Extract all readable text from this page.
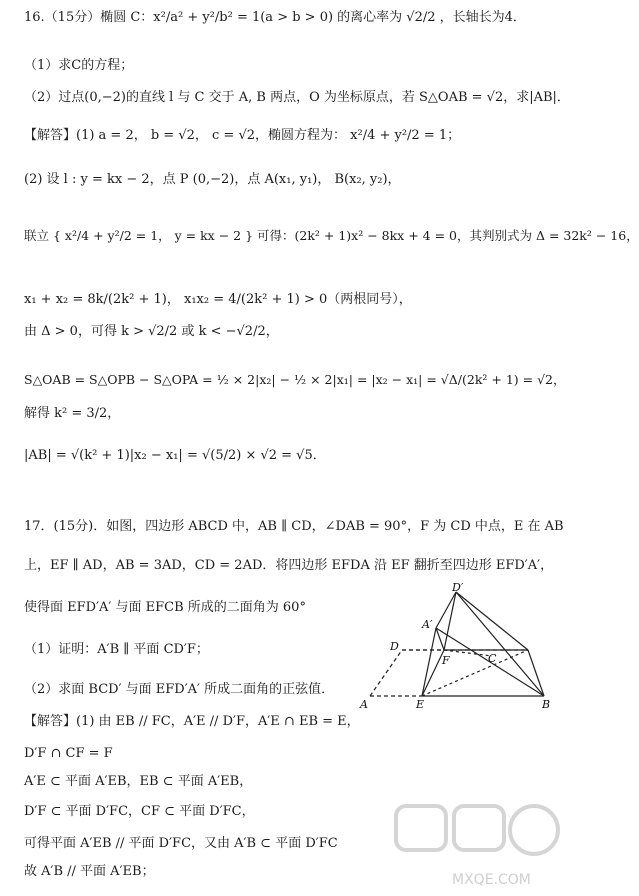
16.（15分）椭圆 C：x²/a² + y²/b² = 1(a > b > 0) 的离心率为 √2/2 ，长轴长为4．
（1）求C的方程；
（2）过点(0,−2)的直线 l 与 C 交于 A, B 两点，O 为坐标原点，若 S△OAB = √2，求|AB|．
【解答】(1) a = 2， b = √2， c = √2，椭圆方程为： x²/4 + y²/2 = 1；
(2) 设 l : y = kx − 2，点 P (0,−2)，点 A(x₁, y₁)， B(x₂, y₂)，
联立 { x²/4 + y²/2 = 1， y = kx − 2 } 可得：(2k² + 1)x² − 8kx + 4 = 0，其判别式为 Δ = 32k² − 16，
x₁ + x₂ = 8k/(2k² + 1)， x₁x₂ = 4/(2k² + 1) > 0（两根同号），
由 Δ > 0，可得 k > √2/2 或 k < −√2/2，
S△OAB = S△OPB − S△OPA = ½ × 2|x₂| − ½ × 2|x₁| = |x₂ − x₁| = √Δ/(2k² + 1) = √2，
解得 k² = 3/2，
|AB| = √(k² + 1)|x₂ − x₁| = √(5/2) × √2 = √5．
17．(15分)．如图，四边形 ABCD 中，AB ∥ CD，∠DAB = 90°，F 为 CD 中点，E 在 AB
上，EF ∥ AD，AB = 3AD，CD = 2AD．将四边形 EFDA 沿 EF 翻折至四边形 EFD′A′，
使得面 EFD′A′ 与面 EFCB 所成的二面角为 60°
（1）证明：A′B ∥ 平面 CD′F；
（2）求面 BCD′ 与面 EFD′A′ 所成二面角的正弦值．
【解答】(1) 由 EB // FC，A′E // D′F，A′E ∩ EB = E，
D′F ∩ CF = F
A′E ⊂ 平面 A′EB，EB ⊂ 平面 A′EB，
D′F ⊂ 平面 D′FC，CF ⊂ 平面 D′FC，
可得平面 A′EB // 平面 D′FC，又由 A′B ⊂ 平面 D′FC
故 A′B // 平面 A′EB；
D′
A′
D
F	C
A	E	B
MXQE.COM
